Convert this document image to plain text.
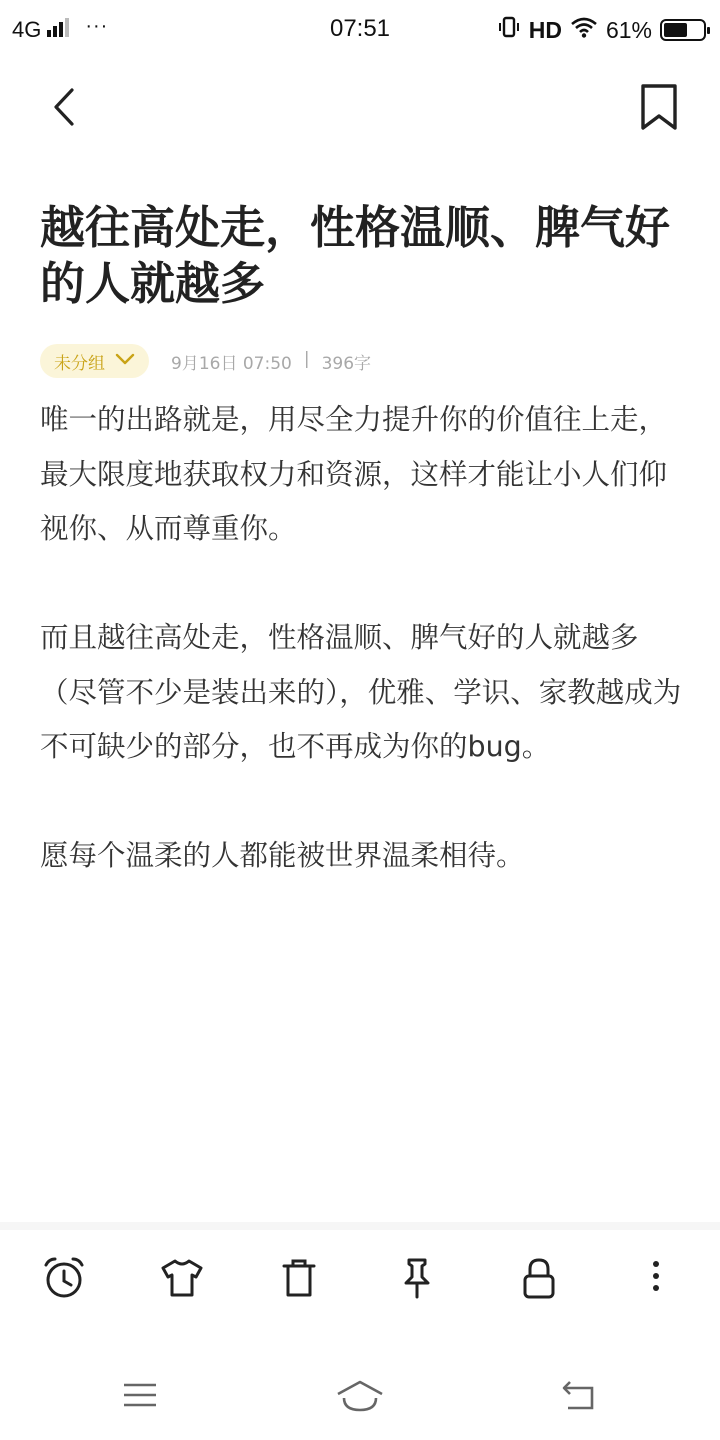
4G ···	07:51	HD 61%
越往高处走，性格温顺、脾气好的人就越多
未分组	9月16日 07:50 | 396字

唯一的出路就是，用尽全力提升你的价值往上走，最大限度地获取权力和资源，这样才能让小人们仰视你、从而尊重你。

而且越往高处走，性格温顺、脾气好的人就越多（尽管不少是装出来的），优雅、学识、家教越成为不可缺少的部分，也不再成为你的bug。

愿每个温柔的人都能被世界温柔相待。
